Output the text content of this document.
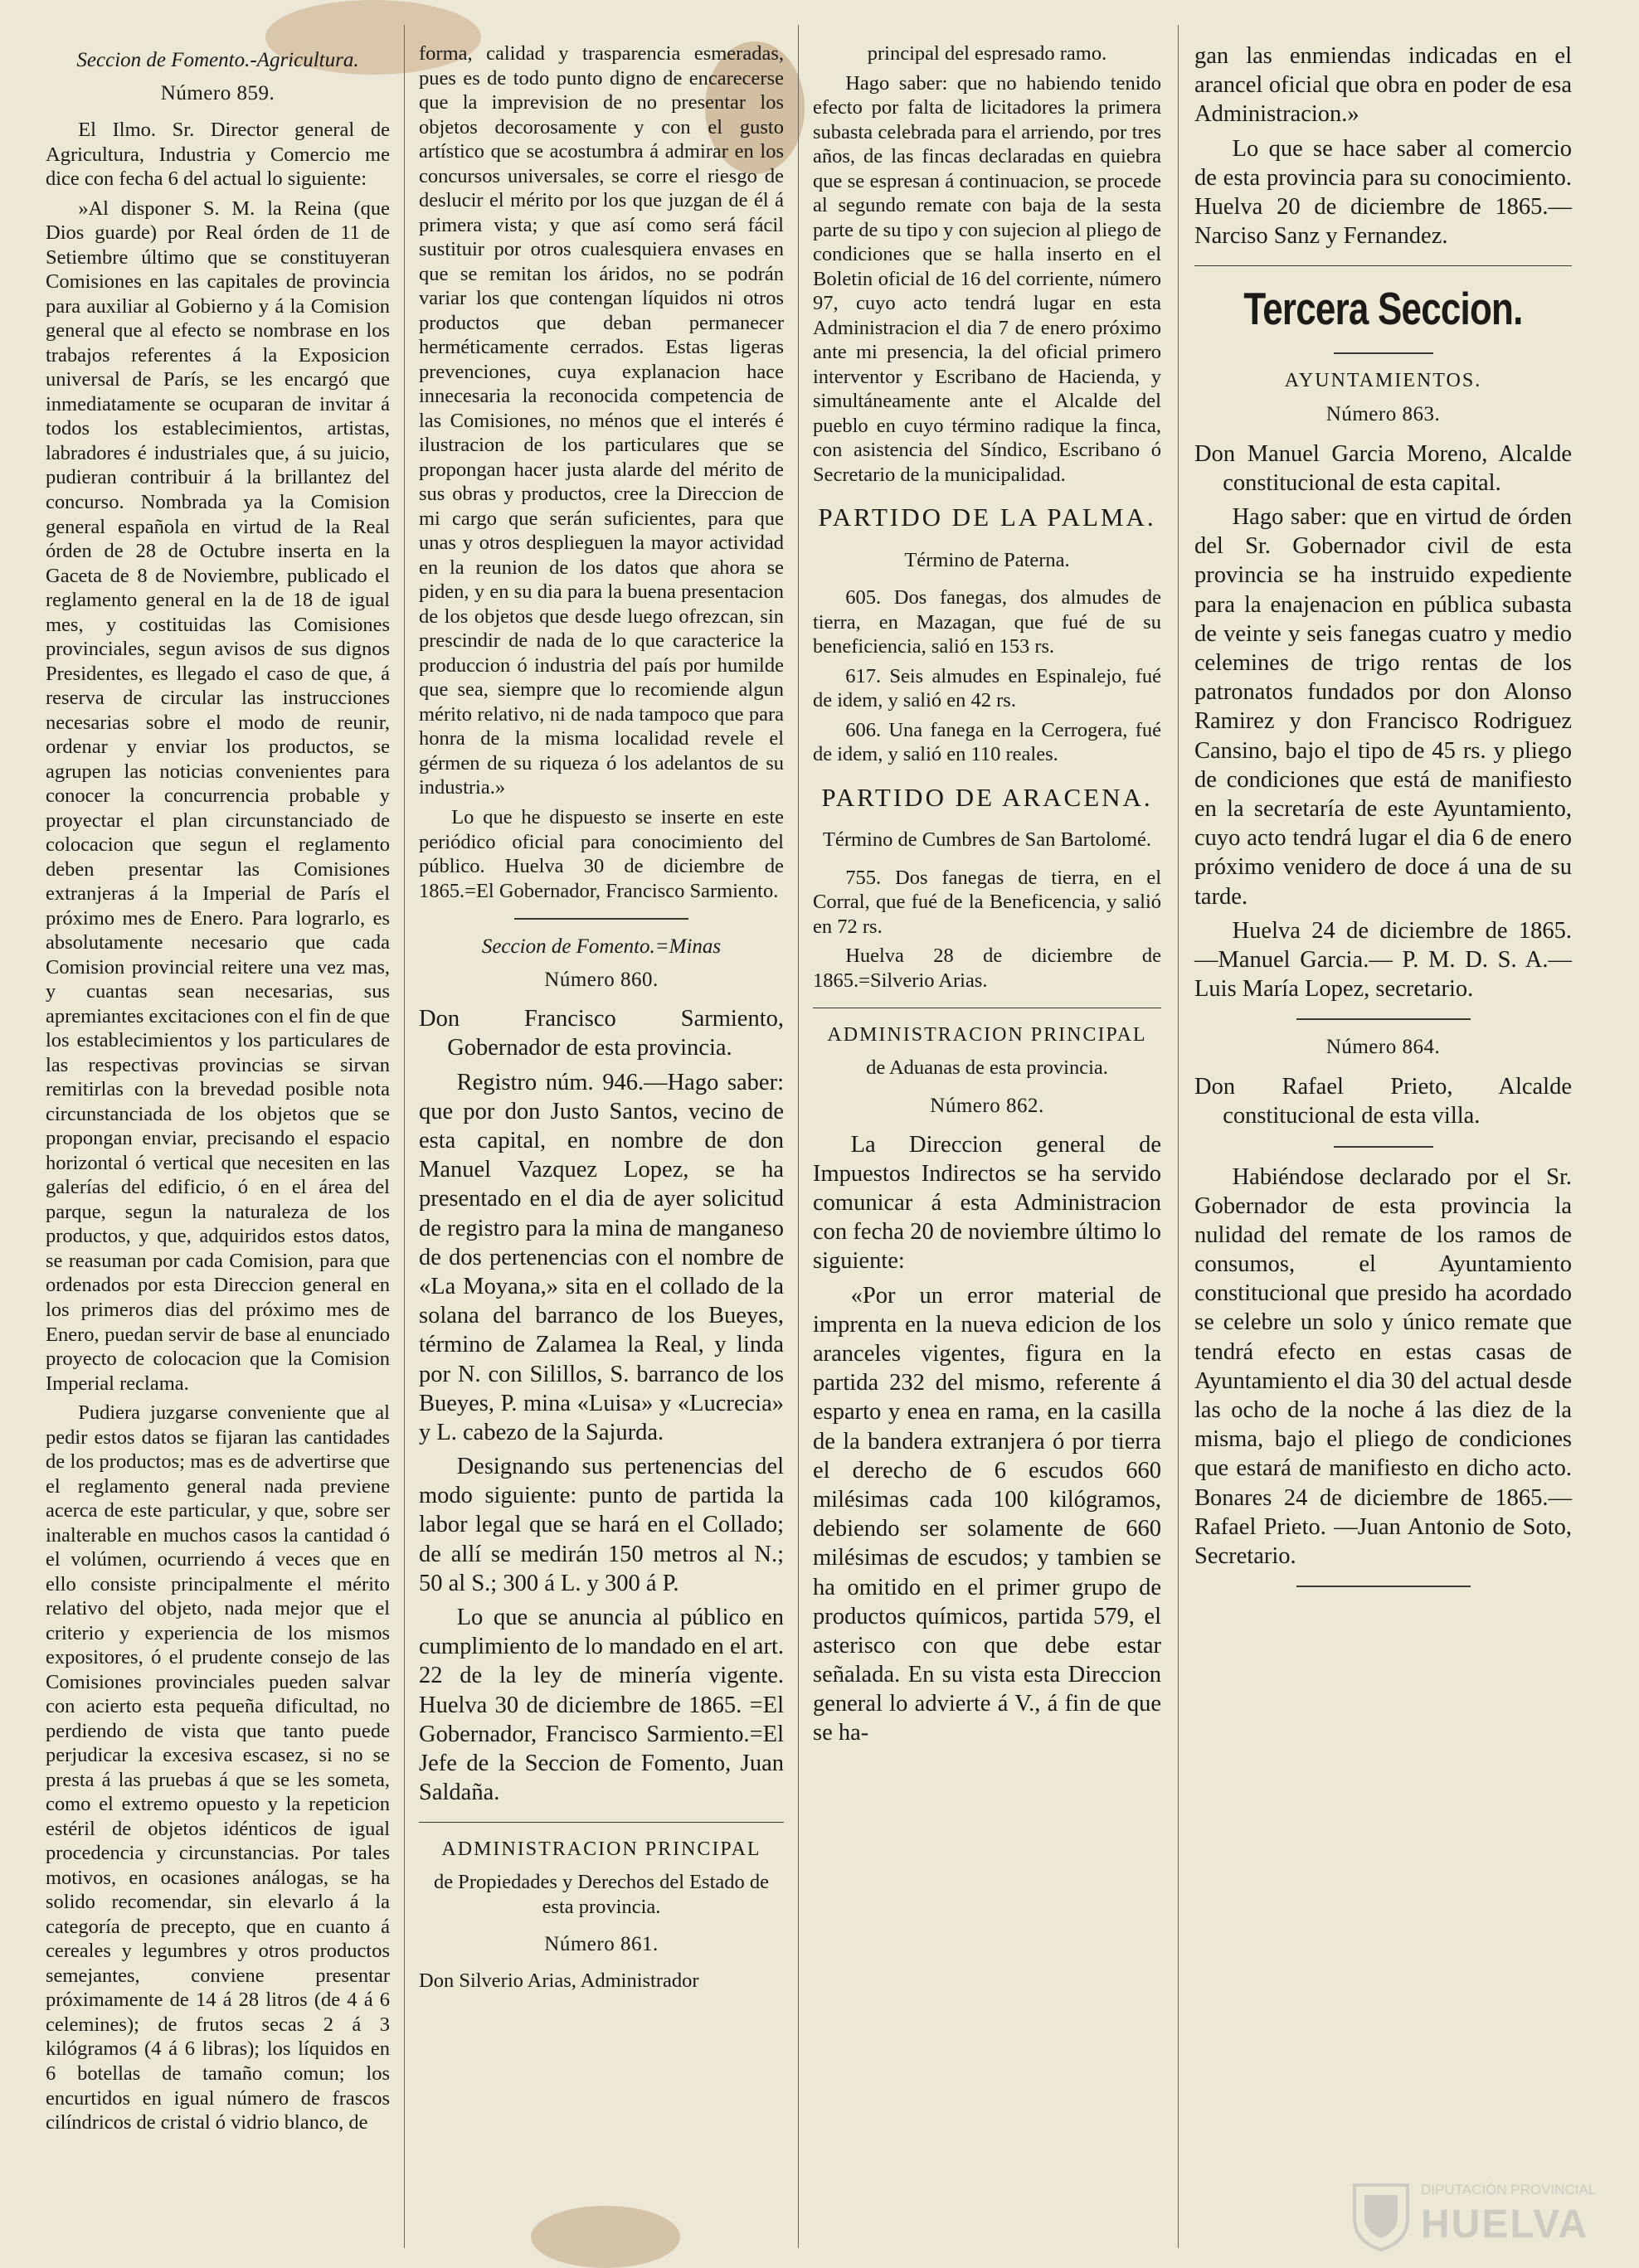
Seccion de Fomento.-Agricultura.

Número 859.

El Ilmo. Sr. Director general de Agricultura, Industria y Comercio me dice con fecha 6 del actual lo siguiente:

»Al disponer S. M. la Reina (que Dios guarde) por Real órden de 11 de Setiembre último que se constituyeran Comisiones en las capitales de provincia para auxiliar al Gobierno y á la Comision general que al efecto se nombrase en los trabajos referentes á la Exposicion universal de París, se les encargó que inmediatamente se ocuparan de invitar á todos los establecimientos, artistas, labradores é industriales que, á su juicio, pudieran contribuir á la brillantez del concurso. Nombrada ya la Comision general española en virtud de la Real órden de 28 de Octubre inserta en la Gaceta de 8 de Noviembre, publicado el reglamento general en la de 18 de igual mes, y costituidas las Comisiones provinciales, segun avisos de sus dignos Presidentes, es llegado el caso de que, á reserva de circular las instrucciones necesarias sobre el modo de reunir, ordenar y enviar los productos, se agrupen las noticias convenientes para conocer la concurrencia probable y proyectar el plan circunstanciado de colocacion que segun el reglamento deben presentar las Comisiones extranjeras á la Imperial de París el próximo mes de Enero. Para lograrlo, es absolutamente necesario que cada Comision provincial reitere una vez mas, y cuantas sean necesarias, sus apremiantes excitaciones con el fin de que los establecimientos y los particulares de las respectivas provincias se sirvan remitirlas con la brevedad posible nota circunstanciada de los objetos que se propongan enviar, precisando el espacio horizontal ó vertical que necesiten en las galerías del edificio, ó en el área del parque, segun la naturaleza de los productos, y que, adquiridos estos datos, se reasuman por cada Comision, para que ordenados por esta Direccion general en los primeros dias del próximo mes de Enero, puedan servir de base al enunciado proyecto de colocacion que la Comision Imperial reclama.

Pudiera juzgarse conveniente que al pedir estos datos se fijaran las cantidades de los productos; mas es de advertirse que el reglamento general nada previene acerca de este particular, y que, sobre ser inalterable en muchos casos la cantidad ó el volúmen, ocurriendo á veces que en ello consiste principalmente el mérito relativo del objeto, nada mejor que el criterio y experiencia de los mismos expositores, ó el prudente consejo de las Comisiones provinciales pueden salvar con acierto esta pequeña dificultad, no perdiendo de vista que tanto puede perjudicar la excesiva escasez, si no se presta á las pruebas á que se les someta, como el extremo opuesto y la repeticion estéril de objetos idénticos de igual procedencia y circunstancias. Por tales motivos, en ocasiones análogas, se ha solido recomendar, sin elevarlo á la categoría de precepto, que en cuanto á cereales y legumbres y otros productos semejantes, conviene presentar próximamente de 14 á 28 litros (de 4 á 6 celemines); de frutos secas 2 á 3 kilógramos (4 á 6 libras); los líquidos en 6 botellas de tamaño comun; los encurtidos en igual número de frascos cilíndricos de cristal ó vidrio blanco, de

forma, calidad y trasparencia esmeradas, pues es de todo punto digno de encarecerse que la imprevision de no presentar los objetos decorosamente y con el gusto artístico que se acostumbra á admirar en los concursos universales, se corre el riesgo de deslucir el mérito por los que juzgan de él á primera vista; y que así como será fácil sustituir por otros cualesquiera envases en que se remitan los áridos, no se podrán variar los que contengan líquidos ni otros productos que deban permanecer herméticamente cerrados. Estas ligeras prevenciones, cuya explanacion hace innecesaria la reconocida competencia de las Comisiones, no ménos que el interés é ilustracion de los particulares que se propongan hacer justa alarde del mérito de sus obras y productos, cree la Direccion de mi cargo que serán suficientes, para que unas y otros desplieguen la mayor actividad en la reunion de los datos que ahora se piden, y en su dia para la buena presentacion de los objetos que desde luego ofrezcan, sin prescindir de nada de lo que caracterice la produccion ó industria del país por humilde que sea, siempre que lo recomiende algun mérito relativo, ni de nada tampoco que para honra de la misma localidad revele el gérmen de su riqueza ó los adelantos de su industria.»

Lo que he dispuesto se inserte en este periódico oficial para conocimiento del público. Huelva 30 de diciembre de 1865.=El Gobernador, Francisco Sarmiento.

Seccion de Fomento.=Minas

Número 860.

Don Francisco Sarmiento, Gobernador de esta provincia.

Registro núm. 946.—Hago saber: que por don Justo Santos, vecino de esta capital, en nombre de don Manuel Vazquez Lopez, se ha presentado en el dia de ayer solicitud de registro para la mina de manganeso de dos pertenencias con el nombre de «La Moyana,» sita en el collado de la solana del barranco de los Bueyes, término de Zalamea la Real, y linda por N. con Silillos, S. barranco de los Bueyes, P. mina «Luisa» y «Lucrecia» y L. cabezo de la Sajurda.

Designando sus pertenencias del modo siguiente: punto de partida la labor legal que se hará en el Collado; de allí se medirán 150 metros al N.; 50 al S.; 300 á L. y 300 á P.

Lo que se anuncia al público en cumplimiento de lo mandado en el art. 22 de la ley de minería vigente. Huelva 30 de diciembre de 1865. =El Gobernador, Francisco Sarmiento.=El Jefe de la Seccion de Fomento, Juan Saldaña.

ADMINISTRACION PRINCIPAL

de Propiedades y Derechos del Estado de esta provincia.

Número 861.

Don Silverio Arias, Administrador

principal del espresado ramo.

Hago saber: que no habiendo tenido efecto por falta de licitadores la primera subasta celebrada para el arriendo, por tres años, de las fincas declaradas en quiebra que se espresan á continuacion, se procede al segundo remate con baja de la sesta parte de su tipo y con sujecion al pliego de condiciones que se halla inserto en el Boletin oficial de 16 del corriente, número 97, cuyo acto tendrá lugar en esta Administracion el dia 7 de enero próximo ante mi presencia, la del oficial primero interventor y Escribano de Hacienda, y simultáneamente ante el Alcalde del pueblo en cuyo término radique la finca, con asistencia del Síndico, Escribano ó Secretario de la municipalidad.

PARTIDO DE LA PALMA.

Término de Paterna.

605. Dos fanegas, dos almudes de tierra, en Mazagan, que fué de su beneficiencia, salió en 153 rs.

617. Seis almudes en Espinalejo, fué de idem, y salió en 42 rs.

606. Una fanega en la Cerrogera, fué de idem, y salió en 110 reales.

PARTIDO DE ARACENA.

Término de Cumbres de San Bartolomé.

755. Dos fanegas de tierra, en el Corral, que fué de la Beneficencia, y salió en 72 rs.

Huelva 28 de diciembre de 1865.=Silverio Arias.

ADMINISTRACION PRINCIPAL

de Aduanas de esta provincia.

Número 862.

La Direccion general de Impuestos Indirectos se ha servido comunicar á esta Administracion con fecha 20 de noviembre último lo siguiente:

«Por un error material de imprenta en la nueva edicion de los aranceles vigentes, figura en la partida 232 del mismo, referente á esparto y enea en rama, en la casilla de la bandera extranjera ó por tierra el derecho de 6 escudos 660 milésimas cada 100 kilógramos, debiendo ser solamente de 660 milésimas de escudos; y tambien se ha omitido en el primer grupo de productos químicos, partida 579, el asterisco con que debe estar señalada. En su vista esta Direccion general lo advierte á V., á fin de que se ha-

gan las enmiendas indicadas en el arancel oficial que obra en poder de esa Administracion.»

Lo que se hace saber al comercio de esta provincia para su conocimiento. Huelva 20 de diciembre de 1865.—Narciso Sanz y Fernandez.

Tercera Seccion.

AYUNTAMIENTOS.

Número 863.

Don Manuel Garcia Moreno, Alcalde constitucional de esta capital.

Hago saber: que en virtud de órden del Sr. Gobernador civil de esta provincia se ha instruido expediente para la enajenacion en pública subasta de veinte y seis fanegas cuatro y medio celemines de trigo rentas de los patronatos fundados por don Alonso Ramirez y don Francisco Rodriguez Cansino, bajo el tipo de 45 rs. y pliego de condiciones que está de manifiesto en la secretaría de este Ayuntamiento, cuyo acto tendrá lugar el dia 6 de enero próximo venidero de doce á una de su tarde.

Huelva 24 de diciembre de 1865. —Manuel Garcia.— P. M. D. S. A.—Luis María Lopez, secretario.

Número 864.

Don Rafael Prieto, Alcalde constitucional de esta villa.

Habiéndose declarado por el Sr. Gobernador de esta provincia la nulidad del remate de los ramos de consumos, el Ayuntamiento constitucional que presido ha acordado se celebre un solo y único remate que tendrá efecto en estas casas de Ayuntamiento el dia 30 del actual desde las ocho de la noche á las diez de la misma, bajo el pliego de condiciones que estará de manifiesto en dicho acto. Bonares 24 de diciembre de 1865.—Rafael Prieto. —Juan Antonio de Soto, Secretario.

DIPUTACIÓN PROVINCIAL
HUELVA
